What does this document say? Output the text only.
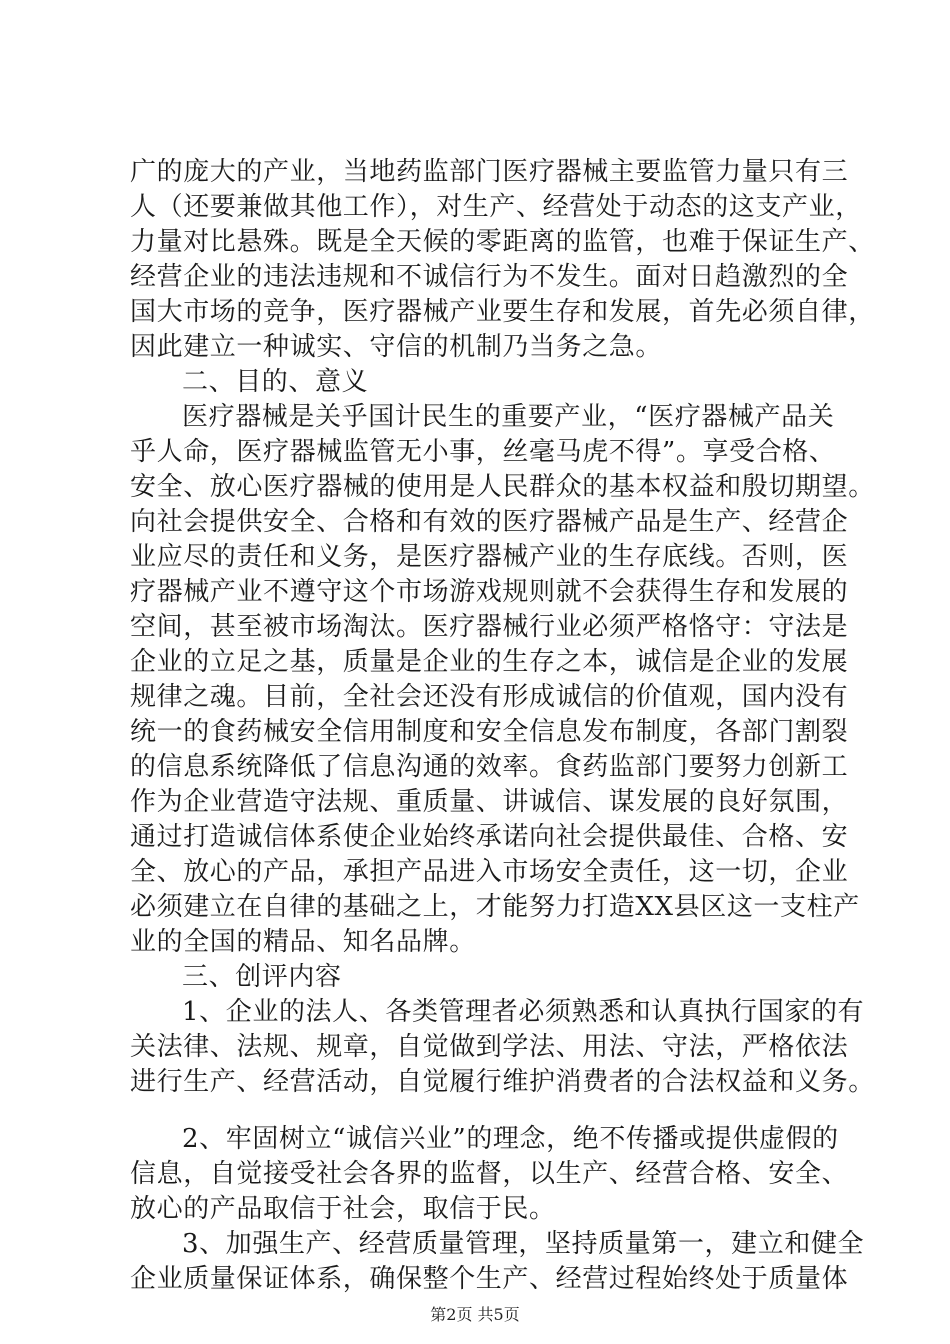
广的庞大的产业，当地药监部门医疗器械主要监管力量只有三
人（还要兼做其他工作），对生产、经营处于动态的这支产业，
力量对比悬殊。既是全天候的零距离的监管，也难于保证生产、
经营企业的违法违规和不诚信行为不发生。面对日趋激烈的全
国大市场的竞争，医疗器械产业要生存和发展，首先必须自律，
因此建立一种诚实、守信的机制乃当务之急。
二、目的、意义
医疗器械是关乎国计民生的重要产业，“医疗器械产品关
乎人命，医疗器械监管无小事，丝毫马虎不得”。享受合格、
安全、放心医疗器械的使用是人民群众的基本权益和殷切期望。
向社会提供安全、合格和有效的医疗器械产品是生产、经营企
业应尽的责任和义务，是医疗器械产业的生存底线。否则，医
疗器械产业不遵守这个市场游戏规则就不会获得生存和发展的
空间，甚至被市场淘汰。医疗器械行业必须严格恪守：守法是
企业的立足之基，质量是企业的生存之本，诚信是企业的发展
规律之魂。目前，全社会还没有形成诚信的价值观，国内没有
统一的食药械安全信用制度和安全信息发布制度，各部门割裂
的信息系统降低了信息沟通的效率。食药监部门要努力创新工
作为企业营造守法规、重质量、讲诚信、谋发展的良好氛围，
通过打造诚信体系使企业始终承诺向社会提供最佳、合格、安
全、放心的产品，承担产品进入市场安全责任，这一切，企业
必须建立在自律的基础之上，才能努力打造XX县区这一支柱产
业的全国的精品、知名品牌。
三、创评内容
1、企业的法人、各类管理者必须熟悉和认真执行国家的有
关法律、法规、规章，自觉做到学法、用法、守法，严格依法
进行生产、经营活动，自觉履行维护消费者的合法权益和义务。
2、牢固树立“诚信兴业”的理念，绝不传播或提供虚假的
信息，自觉接受社会各界的监督，以生产、经营合格、安全、
放心的产品取信于社会，取信于民。
3、加强生产、经营质量管理，坚持质量第一，建立和健全
企业质量保证体系，确保整个生产、经营过程始终处于质量体
第2页 共5页
